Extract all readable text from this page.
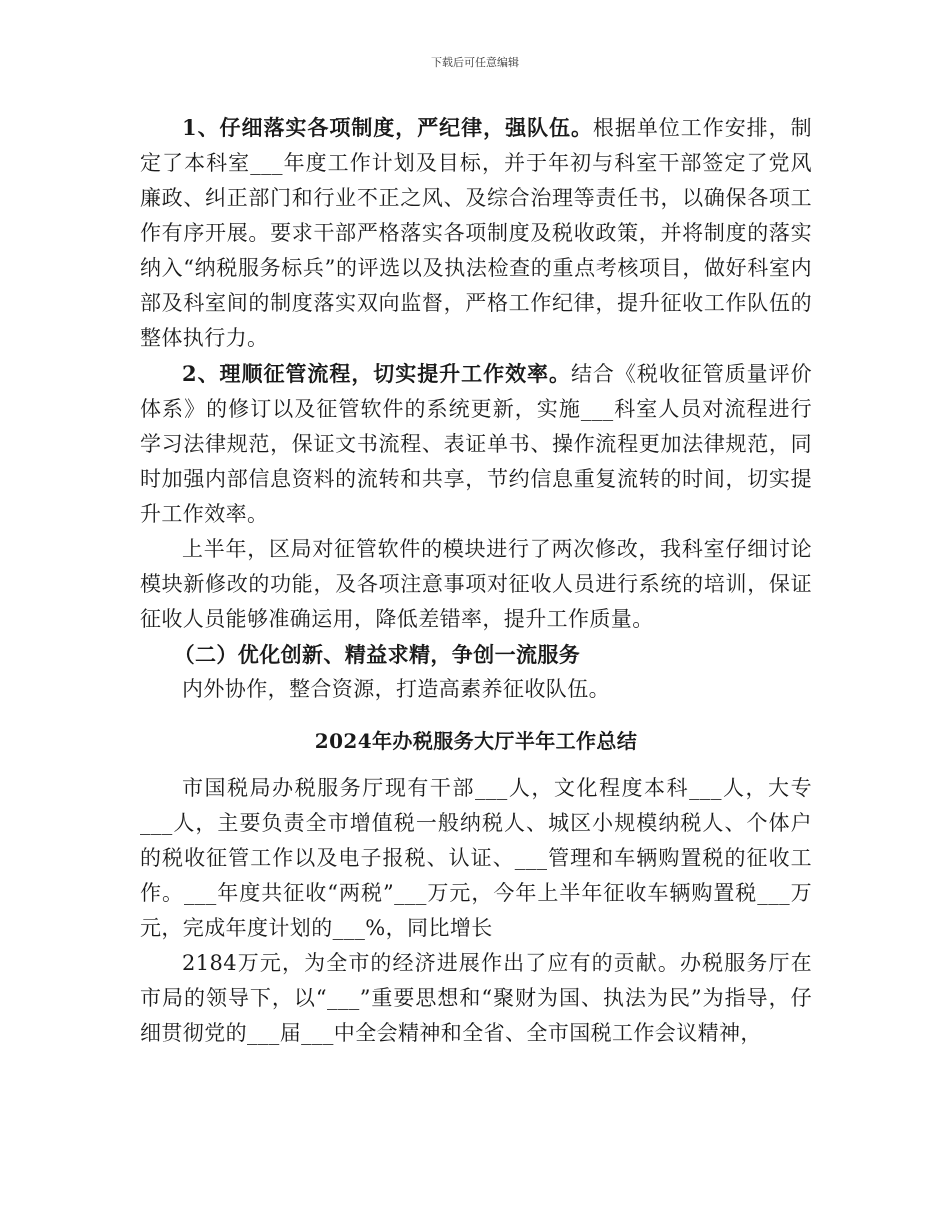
下载后可任意编辑

1、仔细落实各项制度，严纪律，强队伍。根据单位工作安排，制定了本科室___年度工作计划及目标，并于年初与科室干部签定了党风廉政、纠正部门和行业不正之风、及综合治理等责任书，以确保各项工作有序开展。要求干部严格落实各项制度及税收政策，并将制度的落实纳入“纳税服务标兵”的评选以及执法检查的重点考核项目，做好科室内部及科室间的制度落实双向监督，严格工作纪律，提升征收工作队伍的整体执行力。

2、理顺征管流程，切实提升工作效率。结合《税收征管质量评价体系》的修订以及征管软件的系统更新，实施___科室人员对流程进行学习法律规范，保证文书流程、表证单书、操作流程更加法律规范，同时加强内部信息资料的流转和共享，节约信息重复流转的时间，切实提升工作效率。

上半年，区局对征管软件的模块进行了两次修改，我科室仔细讨论模块新修改的功能，及各项注意事项对征收人员进行系统的培训，保证征收人员能够准确运用，降低差错率，提升工作质量。

（二）优化创新、精益求精，争创一流服务

内外协作，整合资源，打造高素养征收队伍。

2024年办税服务大厅半年工作总结

市国税局办税服务厅现有干部___人，文化程度本科___人，大专___人，主要负责全市增值税一般纳税人、城区小规模纳税人、个体户的税收征管工作以及电子报税、认证、___管理和车辆购置税的征收工作。___年度共征收“两税”___万元，今年上半年征收车辆购置税___万元，完成年度计划的___%，同比增长

2184万元，为全市的经济进展作出了应有的贡献。办税服务厅在市局的领导下，以“___”重要思想和“聚财为国、执法为民”为指导，仔细贯彻党的___届___中全会精神和全省、全市国税工作会议精神，
